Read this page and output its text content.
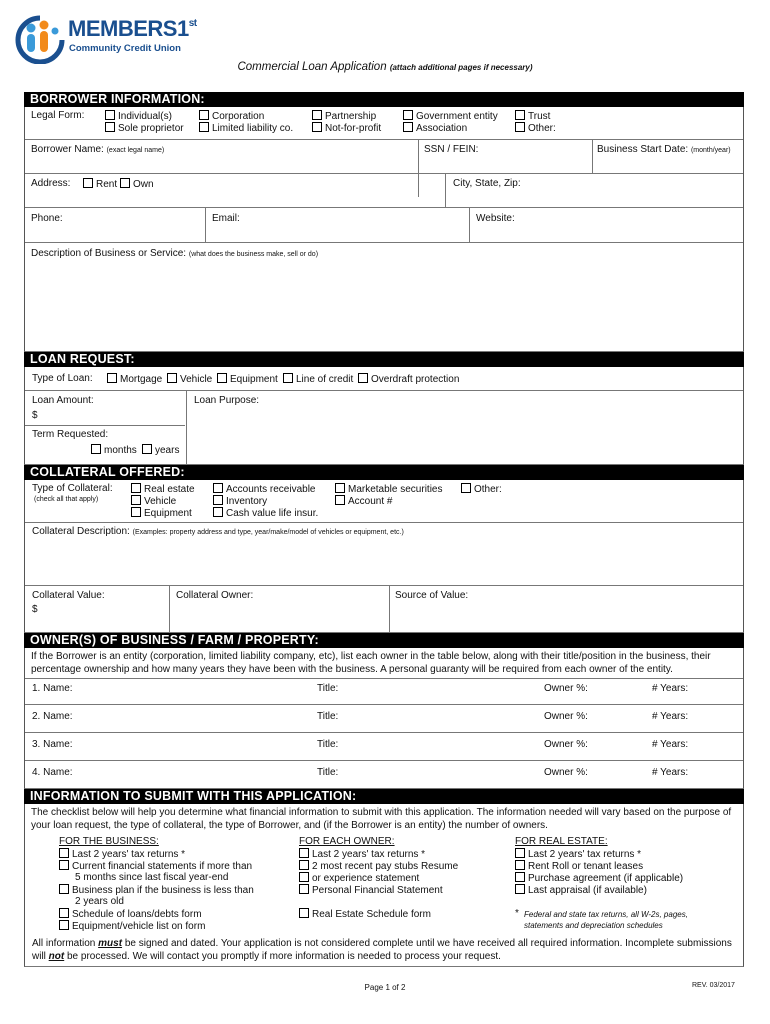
MEMBERS1st
Community Credit Union
Commercial Loan Application (attach additional pages if necessary)
BORROWER INFORMATION:
Legal Form:	Individual(s)
Sole proprietor
Corporation
Limited liability co.
Partnership
Not-for-profit
Government entity
Association
Trust
Other:
Borrower Name: (exact legal name)	SSN / FEIN:	Business Start Date: (month/year)
Address:	Rent	Own	City, State, Zip:
Phone:	Email:	Website:
Description of Business or Service: (what does the business make, sell or do)
LOAN REQUEST:
Type of Loan:	Mortgage	Vehicle	Equipment	Line of credit	Overdraft protection
Loan Amount:
$
Loan Purpose:
Term Requested:
months	years
COLLATERAL OFFERED:
Type of Collateral:
(check all that apply)
Real estate
Vehicle
Equipment
Accounts receivable
Inventory
Cash value life insur.
Marketable securities
Account #
Other:
Collateral Description: (Examples: property address and type, year/make/model of vehicles or equipment, etc.)
Collateral Value:
$
Collateral Owner:	Source of Value:
OWNER(S) OF BUSINESS / FARM / PROPERTY:
If the Borrower is an entity (corporation, limited liability company, etc), list each owner in the table below, along with their title/position in the business, their percentage ownership and how many years they have been with the business. A personal guaranty will be required from each owner of the entity.
1. Name:	Title:	Owner %:	# Years:
2. Name:	Title:	Owner %:	# Years:
3. Name:	Title:	Owner %:	# Years:
4. Name:	Title:	Owner %:	# Years:
INFORMATION TO SUBMIT WITH THIS APPLICATION:
The checklist below will help you determine what financial information to submit with this application. The information needed will vary based on the purpose of your loan request, the type of collateral, the type of Borrower, and (if the Borrower is an entity) the number of owners.
FOR THE BUSINESS:
Last 2 years' tax returns *
Current financial statements if more than
5 months since last fiscal year-end
Business plan if the business is less than
2 years old
Schedule of loans/debts form
Equipment/vehicle list on form
FOR EACH OWNER:
Last 2 years' tax returns *
2 most recent pay stubs Resume
or experience statement
Personal Financial Statement
Real Estate Schedule form
FOR REAL ESTATE:
Last 2 years' tax returns *
Rent Roll or tenant leases
Purchase agreement (if applicable)
Last appraisal (if available)
* Federal and state tax returns, all W-2s, pages,
statements and depreciation schedules
All information must be signed and dated. Your application is not considered complete until we have received all required information. Incomplete submissions
will not be processed. We will contact you promptly if more information is needed to process your request.
Page 1 of 2	REV. 03/2017
